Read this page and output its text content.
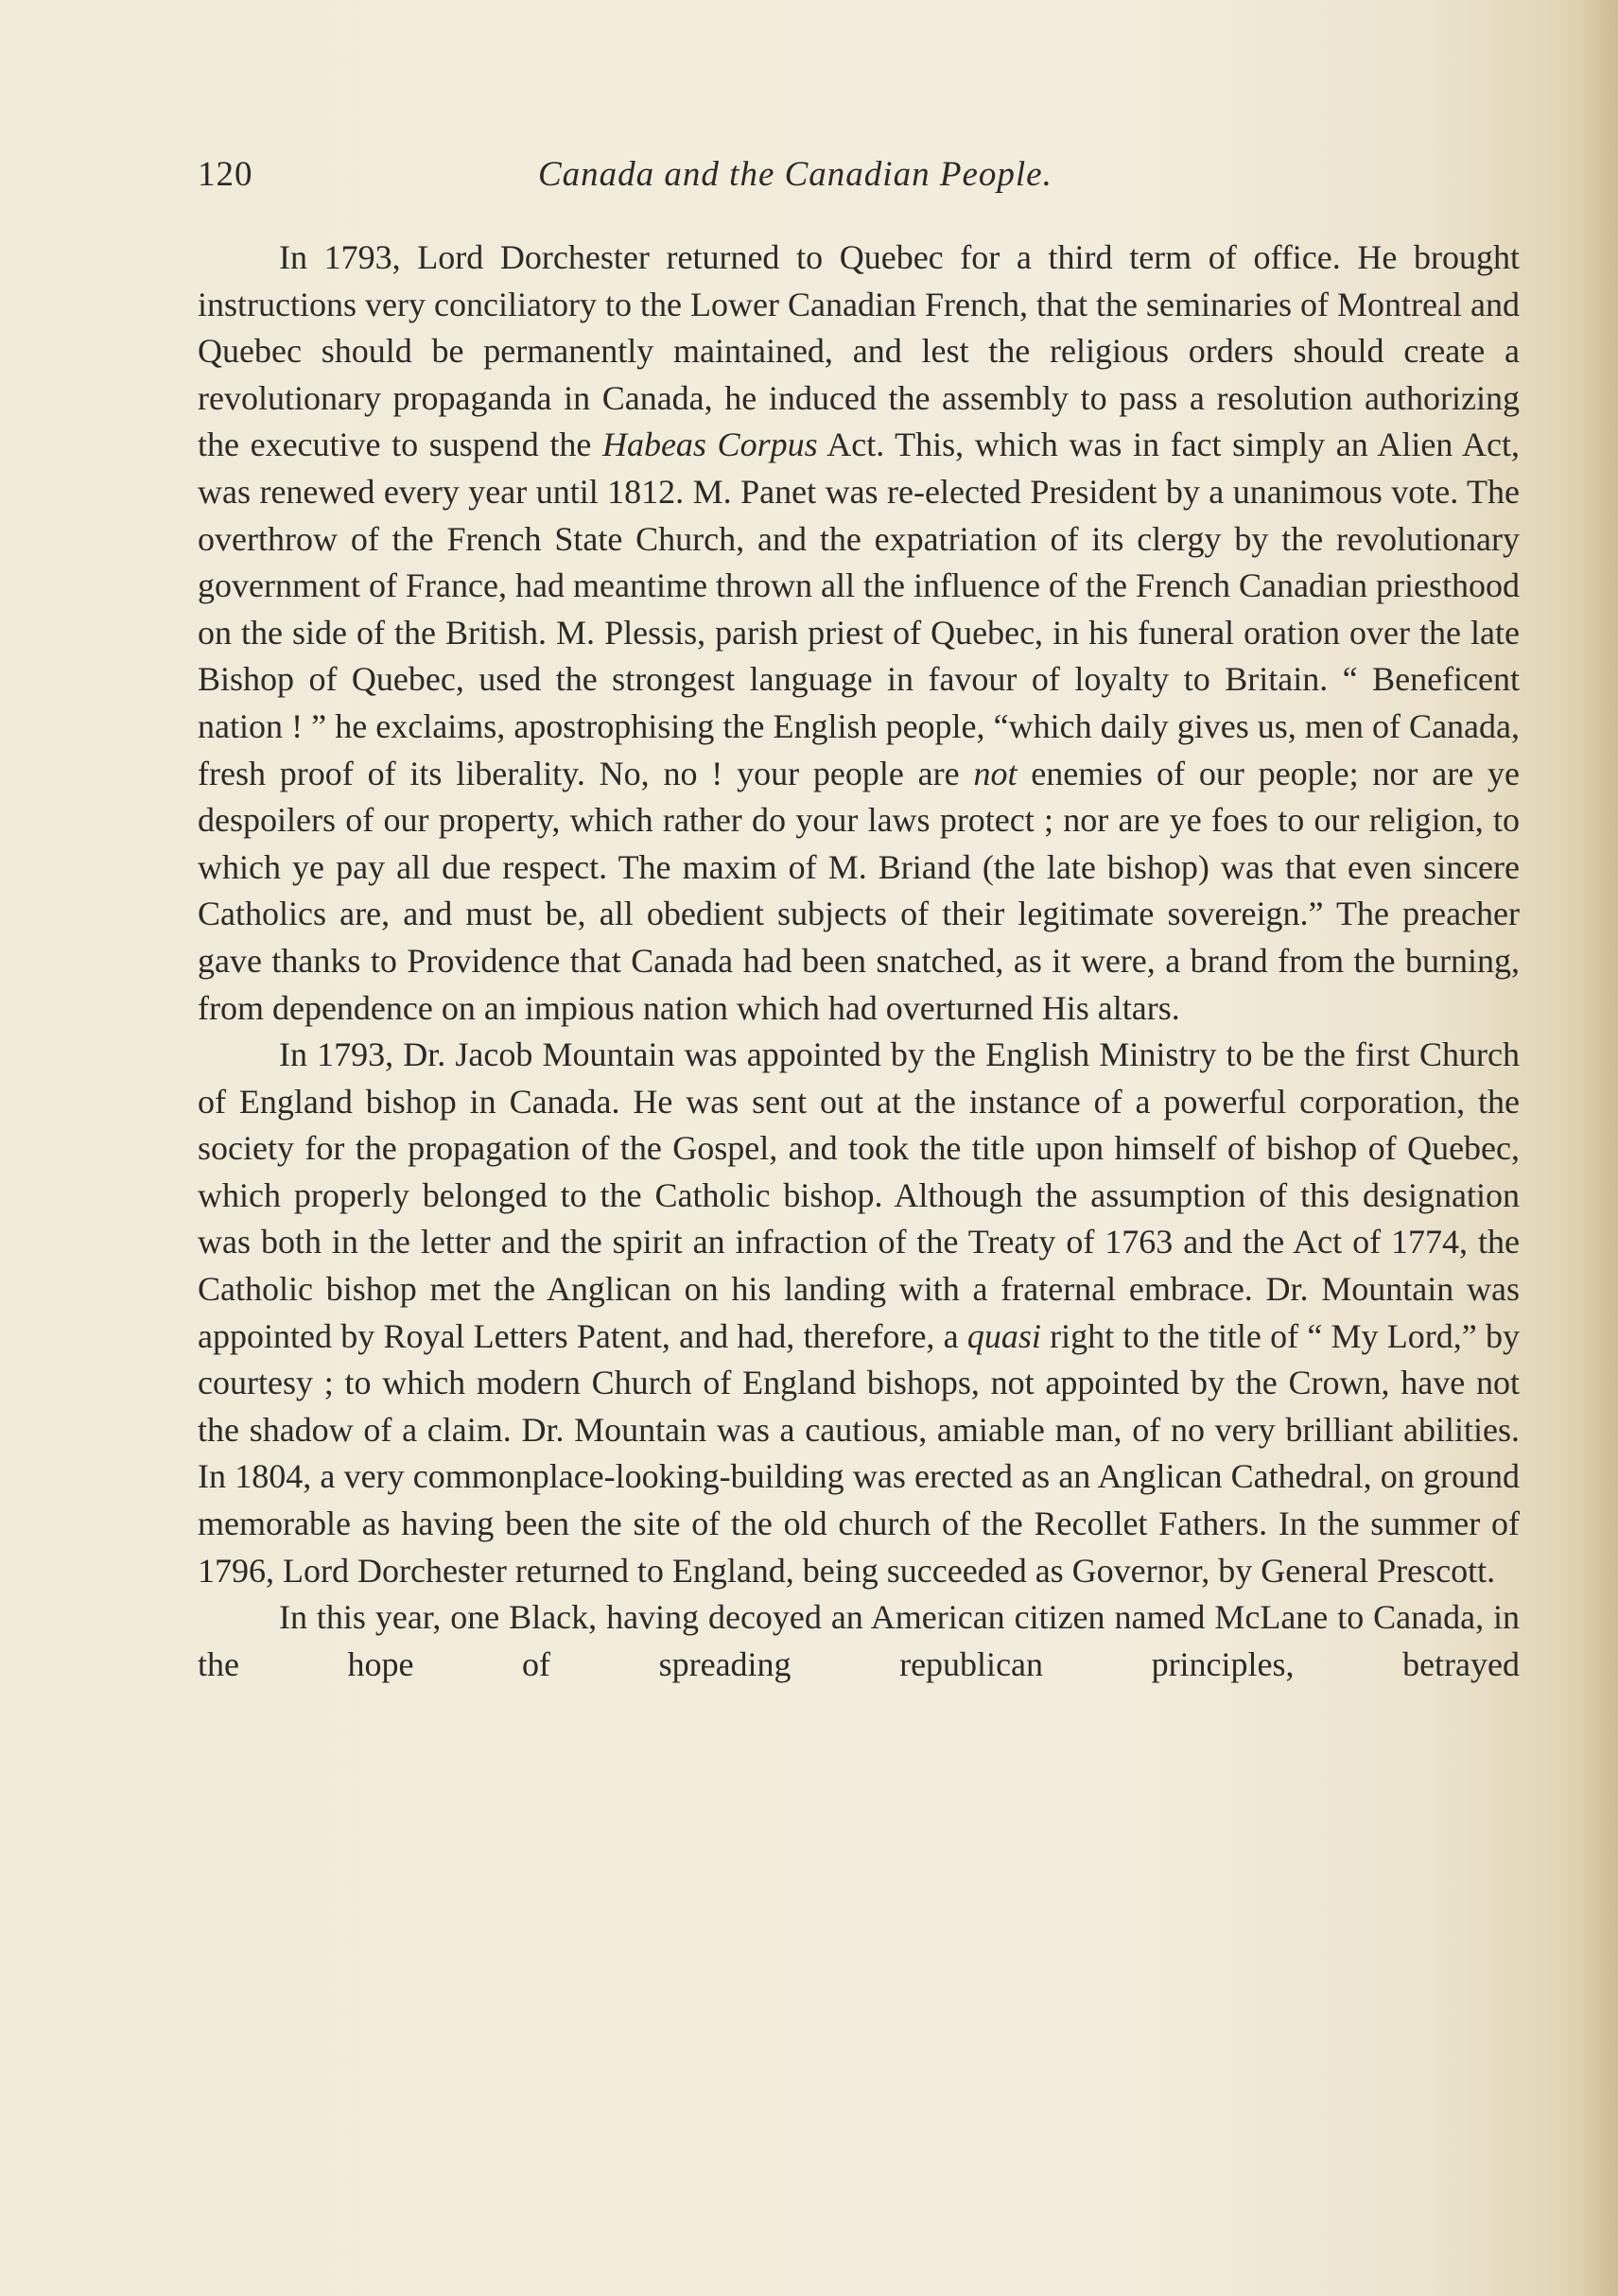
120	Canada and the Canadian People.

In 1793, Lord Dorchester returned to Quebec for a third term of office. He brought instructions very conciliatory to the Lower Canadian French, that the seminaries of Montreal and Quebec should be permanently maintained, and lest the religious orders should create a revolutionary propaganda in Canada, he induced the assembly to pass a resolution authorizing the executive to suspend the Habeas Corpus Act. This, which was in fact simply an Alien Act, was renewed every year until 1812. M. Panet was re-elected President by a unanimous vote. The overthrow of the French State Church, and the expatriation of its clergy by the revolutionary government of France, had meantime thrown all the influence of the French Canadian priesthood on the side of the British. M. Plessis, parish priest of Quebec, in his funeral oration over the late Bishop of Quebec, used the strongest language in favour of loyalty to Britain. “ Beneficent nation ! ” he exclaims, apostrophising the English people, “which daily gives us, men of Canada, fresh proof of its liberality. No, no ! your people are not enemies of our people; nor are ye despoilers of our property, which rather do your laws protect ; nor are ye foes to our religion, to which ye pay all due respect. The maxim of M. Briand (the late bishop) was that even sincere Catholics are, and must be, all obedient subjects of their legitimate sovereign.” The preacher gave thanks to Providence that Canada had been snatched, as it were, a brand from the burning, from dependence on an impious nation which had overturned His altars.

In 1793, Dr. Jacob Mountain was appointed by the English Ministry to be the first Church of England bishop in Canada. He was sent out at the instance of a powerful corporation, the society for the propagation of the Gospel, and took the title upon himself of bishop of Quebec, which properly belonged to the Catholic bishop. Although the assumption of this designation was both in the letter and the spirit an infraction of the Treaty of 1763 and the Act of 1774, the Catholic bishop met the Anglican on his landing with a fraternal embrace. Dr. Mountain was appointed by Royal Letters Patent, and had, therefore, a quasi right to the title of “ My Lord,” by courtesy ; to which modern Church of England bishops, not appointed by the Crown, have not the shadow of a claim. Dr. Mountain was a cautious, amiable man, of no very brilliant abilities. In 1804, a very commonplace-looking-building was erected as an Anglican Cathedral, on ground memorable as having been the site of the old church of the Recollet Fathers. In the summer of 1796, Lord Dorchester returned to England, being succeeded as Governor, by General Prescott.

In this year, one Black, having decoyed an American citizen named McLane to Canada, in the hope of spreading republican principles, betrayed
